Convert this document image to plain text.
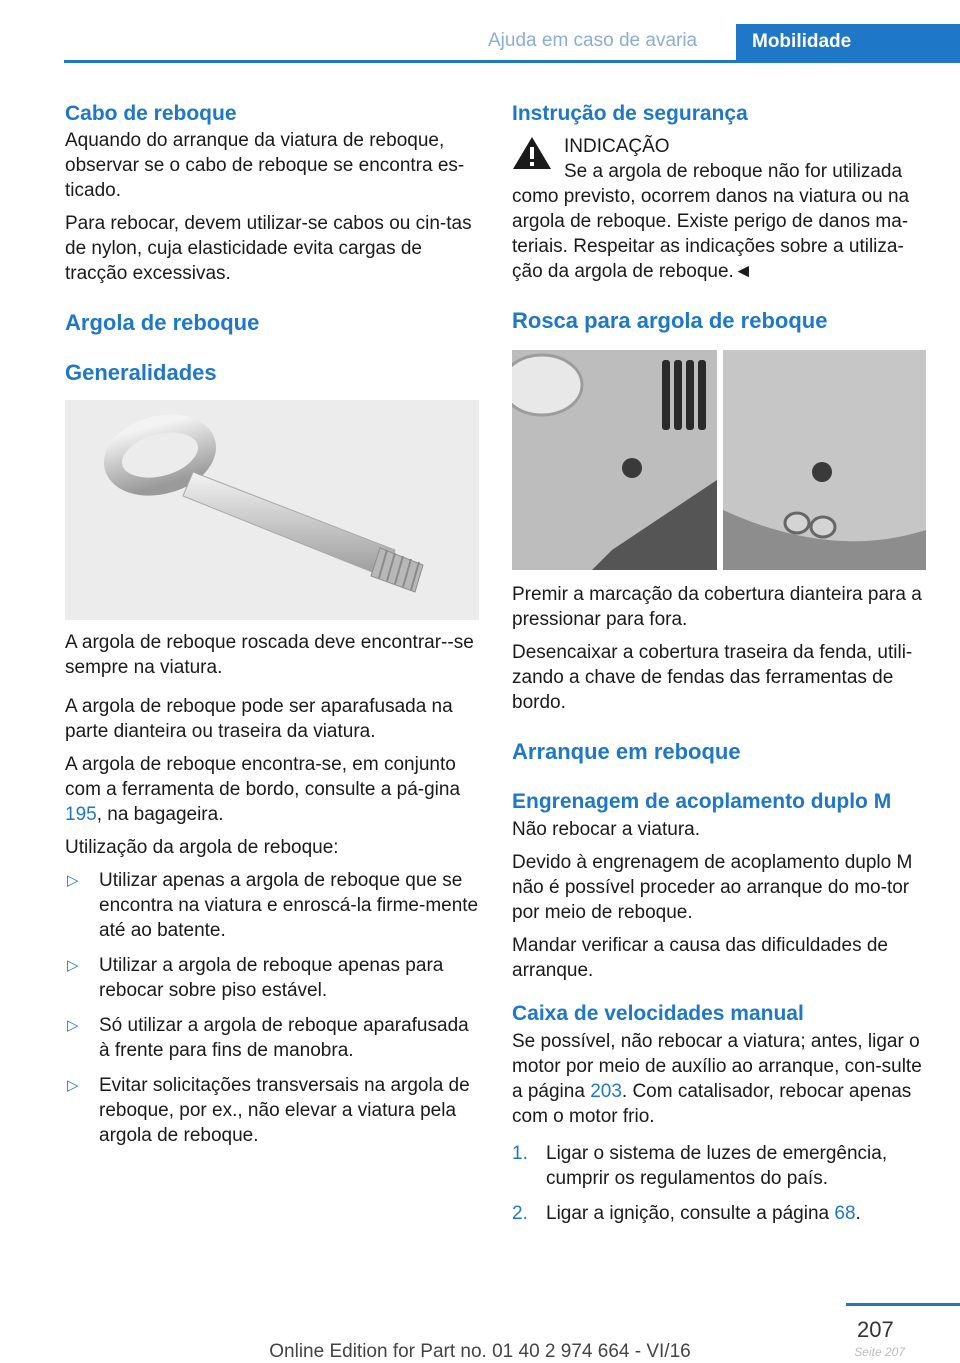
Ajuda em caso de avaria	Mobilidade
Cabo de reboque

Aquando do arranque da viatura de reboque, observar se o cabo de reboque se encontra es-ticado.

Para rebocar, devem utilizar-se cabos ou cin-tas de nylon, cuja elasticidade evita cargas de tracção excessivas.

Argola de reboque
Generalidades

A argola de reboque roscada deve encontrar--se sempre na viatura.

A argola de reboque pode ser aparafusada na parte dianteira ou traseira da viatura.

A argola de reboque encontra-se, em conjunto com a ferramenta de bordo, consulte a pá-gina 195, na bagageira.

Utilização da argola de reboque:

▷ Utilizar apenas a argola de reboque que se encontra na viatura e enroscá-la firme-mente até ao batente.
▷ Utilizar a argola de reboque apenas para rebocar sobre piso estável.
▷ Só utilizar a argola de reboque aparafusada à frente para fins de manobra.
▷ Evitar solicitações transversais na argola de reboque, por ex., não elevar a viatura pela argola de reboque.
Instrução de segurança
INDICAÇÃO

Se a argola de reboque não for utilizada como previsto, ocorrem danos na viatura ou na argola de reboque. Existe perigo de danos ma-teriais. Respeitar as indicações sobre a utiliza-ção da argola de reboque.◄

Rosca para argola de reboque

Premir a marcação da cobertura dianteira para a pressionar para fora.

Desencaixar a cobertura traseira da fenda, utili-zando a chave de fendas das ferramentas de bordo.

Arranque em reboque
Engrenagem de acoplamento duplo M

Não rebocar a viatura.

Devido à engrenagem de acoplamento duplo M não é possível proceder ao arranque do mo-tor por meio de reboque.

Mandar verificar a causa das dificuldades de arranque.

Caixa de velocidades manual

Se possível, não rebocar a viatura; antes, ligar o motor por meio de auxílio ao arranque, con-sulte a página 203. Com catalisador, rebocar apenas com o motor frio.

1. Ligar o sistema de luzes de emergência, cumprir os regulamentos do país.
2. Ligar a ignição, consulte a página 68.
207
Seite 207
Online Edition for Part no. 01 40 2 974 664 - VI/16
